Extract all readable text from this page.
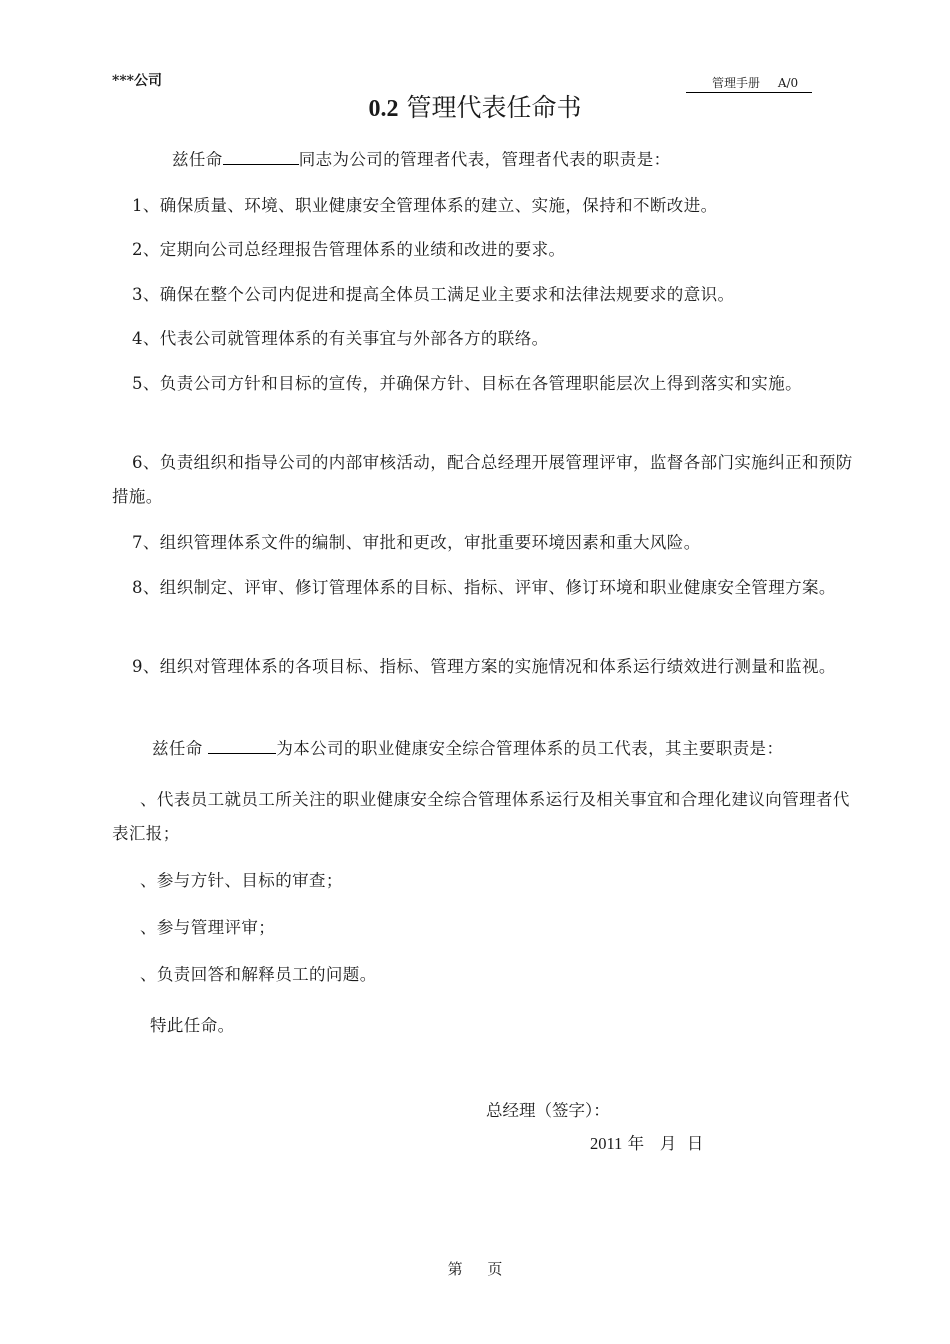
***公司	管理手册 A/0
0.2 管理代表任命书
兹任命	同志为公司的管理者代表，管理者代表的职责是：
1、确保质量、环境、职业健康安全管理体系的建立、实施，保持和不断改进。
2、定期向公司总经理报告管理体系的业绩和改进的要求。
3、确保在整个公司内促进和提高全体员工满足业主要求和法律法规要求的意识。
4、代表公司就管理体系的有关事宜与外部各方的联络。
5、负责公司方针和目标的宣传，并确保方针、目标在各管理职能层次上得到落实和实施。
6、负责组织和指导公司的内部审核活动，配合总经理开展管理评审，监督各部门实施纠正和预防措施。
7、组织管理体系文件的编制、审批和更改，审批重要环境因素和重大风险。
8、组织制定、评审、修订管理体系的目标、指标、评审、修订环境和职业健康安全管理方案。
9、组织对管理体系的各项目标、指标、管理方案的实施情况和体系运行绩效进行测量和监视。
兹任命	为本公司的职业健康安全综合管理体系的员工代表，其主要职责是：
、代表员工就员工所关注的职业健康安全综合管理体系运行及相关事宜和合理化建议向管理者代表汇报；
、参与方针、目标的审查；
、参与管理评审；
、负责回答和解释员工的问题。
特此任命。
总经理（签字）：
2011 年 月 日
第 页
